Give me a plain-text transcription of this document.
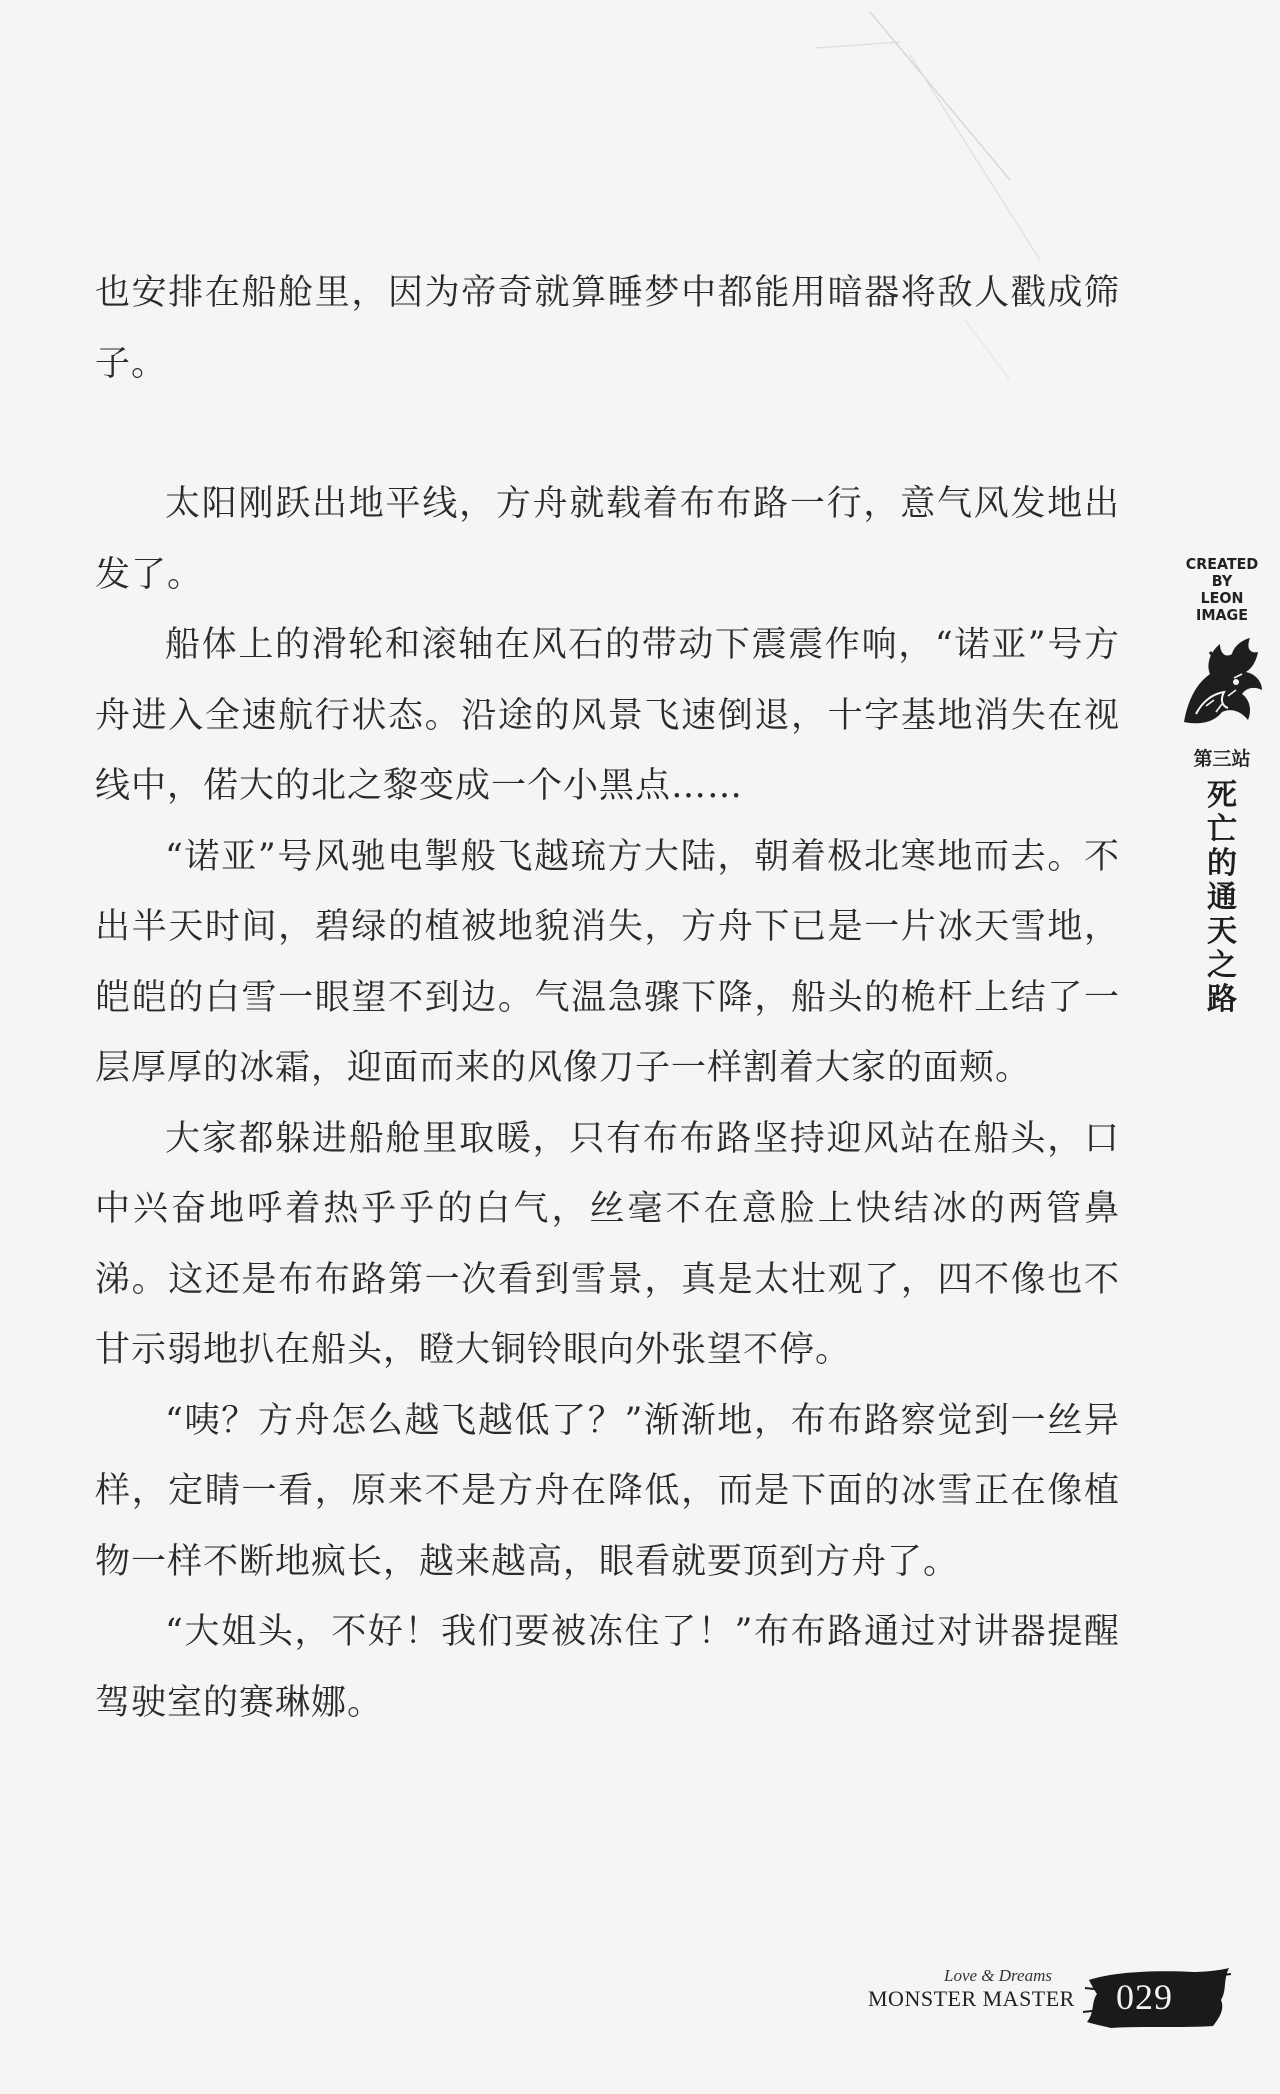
也安排在船舱里，因为帝奇就算睡梦中都能用暗器将敌人戳成筛子。

太阳刚跃出地平线，方舟就载着布布路一行，意气风发地出发了。

船体上的滑轮和滚轴在风石的带动下震震作响，“诺亚”号方舟进入全速航行状态。沿途的风景飞速倒退，十字基地消失在视线中，偌大的北之黎变成一个小黑点……

“诺亚”号风驰电掣般飞越琉方大陆，朝着极北寒地而去。不出半天时间，碧绿的植被地貌消失，方舟下已是一片冰天雪地，皑皑的白雪一眼望不到边。气温急骤下降，船头的桅杆上结了一层厚厚的冰霜，迎面而来的风像刀子一样割着大家的面颊。

大家都躲进船舱里取暖，只有布布路坚持迎风站在船头，口中兴奋地呼着热乎乎的白气，丝毫不在意脸上快结冰的两管鼻涕。这还是布布路第一次看到雪景，真是太壮观了，四不像也不甘示弱地扒在船头，瞪大铜铃眼向外张望不停。

“咦？方舟怎么越飞越低了？”渐渐地，布布路察觉到一丝异样，定睛一看，原来不是方舟在降低，而是下面的冰雪正在像植物一样不断地疯长，越来越高，眼看就要顶到方舟了。

“大姐头，不好！我们要被冻住了！”布布路通过对讲器提醒驾驶室的赛琳娜。

CREATED
BY
LEON
IMAGE
第三站
死亡的通天之路
Love & Dreams
MONSTER MASTER 029
